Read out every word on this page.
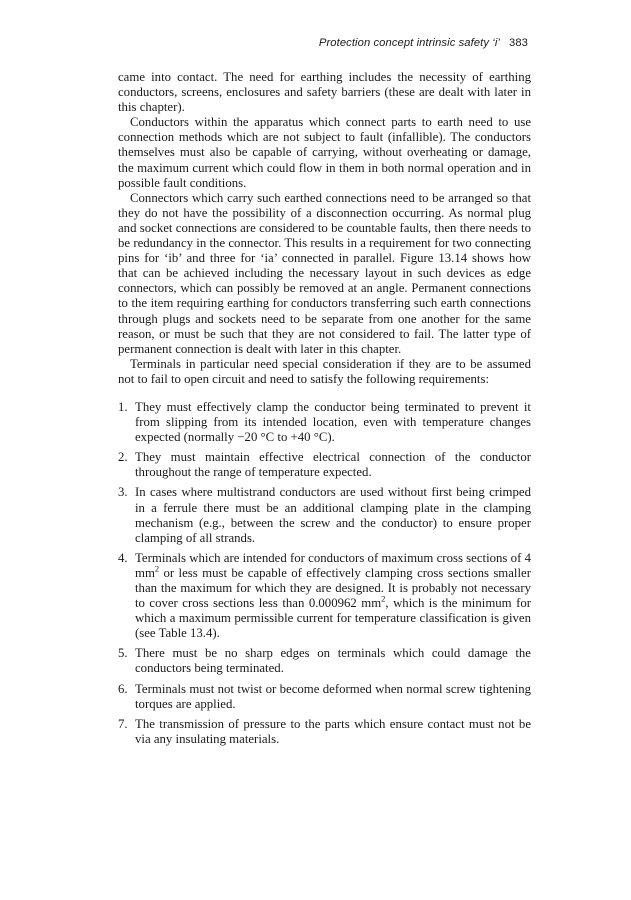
Protection concept intrinsic safety ‘i’ 383

came into contact. The need for earthing includes the necessity of earthing conductors, screens, enclosures and safety barriers (these are dealt with later in this chapter).

Conductors within the apparatus which connect parts to earth need to use connection methods which are not subject to fault (infallible). The conductors themselves must also be capable of carrying, without overheating or damage, the maximum current which could flow in them in both normal operation and in possible fault conditions.

Connectors which carry such earthed connections need to be arranged so that they do not have the possibility of a disconnection occurring. As normal plug and socket connections are considered to be countable faults, then there needs to be redundancy in the connector. This results in a requirement for two connecting pins for ‘ib’ and three for ‘ia’ connected in parallel. Figure 13.14 shows how that can be achieved including the necessary layout in such devices as edge connectors, which can possibly be removed at an angle. Permanent connections to the item requiring earthing for conductors transferring such earth connections through plugs and sockets need to be separate from one another for the same reason, or must be such that they are not considered to fail. The latter type of permanent connection is dealt with later in this chapter.

Terminals in particular need special consideration if they are to be assumed not to fail to open circuit and need to satisfy the following requirements:

1. They must effectively clamp the conductor being terminated to prevent it from slipping from its intended location, even with temperature changes expected (normally −20 °C to +40 °C).
2. They must maintain effective electrical connection of the conductor throughout the range of temperature expected.
3. In cases where multistrand conductors are used without first being crimped in a ferrule there must be an additional clamping plate in the clamping mechanism (e.g., between the screw and the conductor) to ensure proper clamping of all strands.
4. Terminals which are intended for conductors of maximum cross sections of 4 $mm^2$ or less must be capable of effectively clamping cross sections smaller than the maximum for which they are designed. It is probably not necessary to cover cross sections less than 0.000962 $mm^2$, which is the minimum for which a maximum permissible current for temperature classification is given (see Table 13.4).
5. There must be no sharp edges on terminals which could damage the conductors being terminated.
6. Terminals must not twist or become deformed when normal screw tightening torques are applied.
7. The transmission of pressure to the parts which ensure contact must not be via any insulating materials.
